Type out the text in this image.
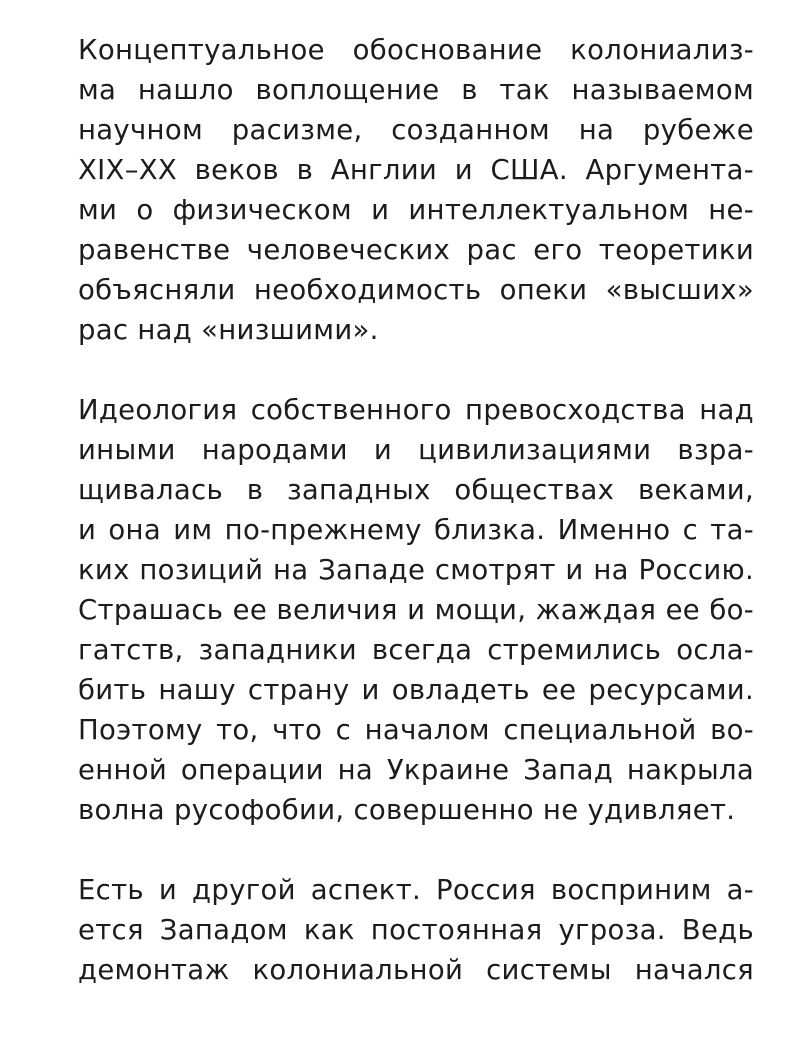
Концептуальное обоснование колониализ-
ма нашло воплощение в так называемом
научном расизме, созданном на рубеже
XIX–XX веков в Англии и США. Аргумента-
ми о физическом и интеллектуальном не-
равенстве человеческих рас его теоретики
объясняли необходимость опеки «высших»
рас над «низшими».
Идеология собственного превосходства над
иными народами и цивилизациями взра-
щивалась в западных обществах веками,
и она им по-прежнему близка. Именно с та-
ких позиций на Западе смотрят и на Россию.
Страшась ее величия и мощи, жаждая ее бо-
гатств, западники всегда стремились осла-
бить нашу страну и овладеть ее ресурсами.
Поэтому то, что с началом специальной во-
енной операции на Украине Запад накрыла
волна русофобии, совершенно не удивляет.
Есть и другой аспект. Россия восприним а-
ется Западом как постоянная угроза. Ведь
демонтаж колониальной системы начался
